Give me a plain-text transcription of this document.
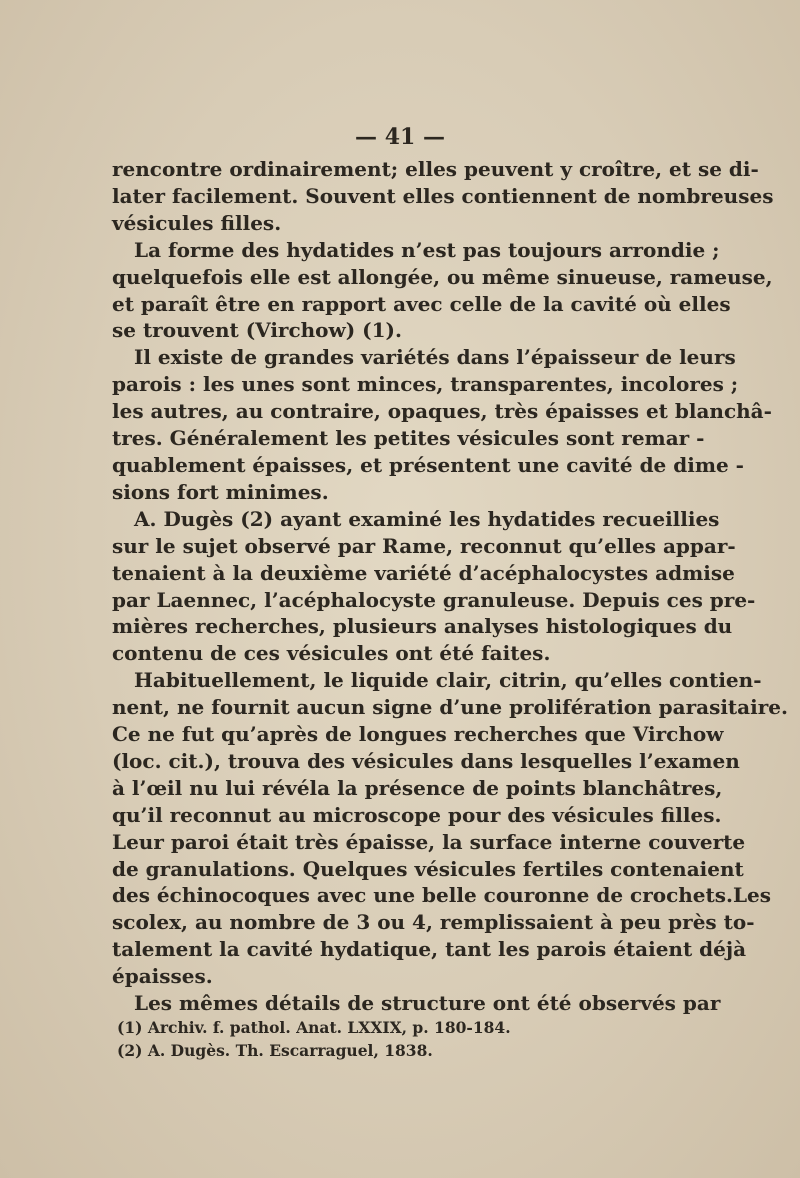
— 41 —
rencontre ordinairement; elles peuvent y croître, et se di-
later facilement. Souvent elles contiennent de nombreuses
vésicules filles.
La forme des hydatides n’est pas toujours arrondie ;
quelquefois elle est allongée, ou même sinueuse, rameuse,
et paraît être en rapport avec celle de la cavité où elles
se trouvent (Virchow) (1).
Il existe de grandes variétés dans l’épaisseur de leurs
parois : les unes sont minces, transparentes, incolores ;
les autres, au contraire, opaques, très épaisses et blanchâ-
tres. Généralement les petites vésicules sont remar -
quablement épaisses, et présentent une cavité de dime -
sions fort minimes.
A. Dugès (2) ayant examiné les hydatides recueillies
sur le sujet observé par Rame, reconnut qu’elles appar-
tenaient à la deuxième variété d’acéphalocystes admise
par Laennec, l’acéphalocyste granuleuse. Depuis ces pre-
mières recherches, plusieurs analyses histologiques du
contenu de ces vésicules ont été faites.
Habituellement, le liquide clair, citrin, qu’elles contien-
nent, ne fournit aucun signe d’une prolifération parasitaire.
Ce ne fut qu’après de longues recherches que Virchow
(loc. cit.), trouva des vésicules dans lesquelles l’examen
à l’œil nu lui révéla la présence de points blanchâtres,
qu’il reconnut au microscope pour des vésicules filles.
Leur paroi était très épaisse, la surface interne couverte
de granulations. Quelques vésicules fertiles contenaient
des échinocoques avec une belle couronne de crochets.Les
scolex, au nombre de 3 ou 4, remplissaient à peu près to-
talement la cavité hydatique, tant les parois étaient déjà
épaisses.
Les mêmes détails de structure ont été observés par
(1) Archiv. f. pathol. Anat. LXXIX, p. 180-184.
(2) A. Dugès. Th. Escarraguel, 1838.
